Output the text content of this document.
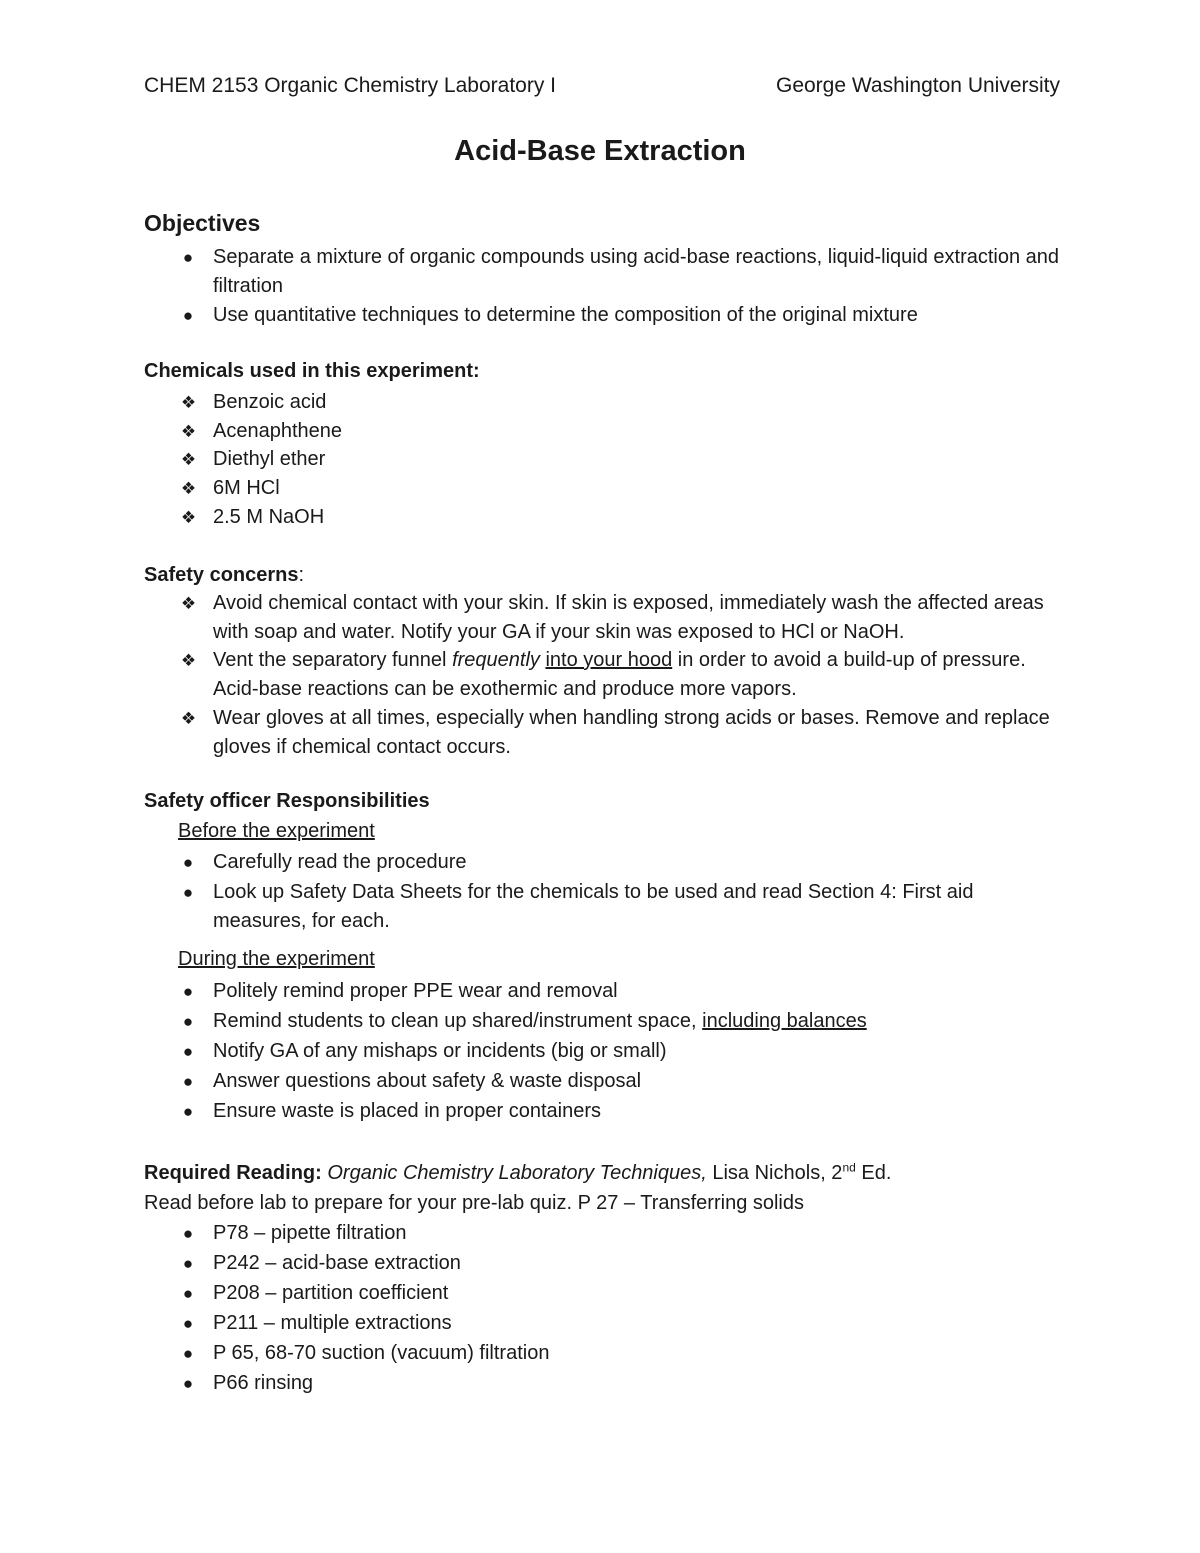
CHEM 2153 Organic Chemistry Laboratory I	George Washington University
Acid-Base Extraction
Objectives
● Separate a mixture of organic compounds using acid-base reactions, liquid-liquid extraction and filtration
● Use quantitative techniques to determine the composition of the original mixture
Chemicals used in this experiment:
❖ Benzoic acid
❖ Acenaphthene
❖ Diethyl ether
❖ 6M HCl
❖ 2.5 M NaOH
Safety concerns:
❖ Avoid chemical contact with your skin. If skin is exposed, immediately wash the affected areas with soap and water. Notify your GA if your skin was exposed to HCl or NaOH.
❖ Vent the separatory funnel frequently into your hood in order to avoid a build-up of pressure. Acid-base reactions can be exothermic and produce more vapors.
❖ Wear gloves at all times, especially when handling strong acids or bases. Remove and replace gloves if chemical contact occurs.
Safety officer Responsibilities
Before the experiment
● Carefully read the procedure
● Look up Safety Data Sheets for the chemicals to be used and read Section 4: First aid measures, for each.
During the experiment
● Politely remind proper PPE wear and removal
● Remind students to clean up shared/instrument space, including balances
● Notify GA of any mishaps or incidents (big or small)
● Answer questions about safety & waste disposal
● Ensure waste is placed in proper containers
Required Reading: Organic Chemistry Laboratory Techniques, Lisa Nichols, 2nd Ed.
Read before lab to prepare for your pre-lab quiz. P 27 – Transferring solids
● P78 – pipette filtration
● P242 – acid-base extraction
● P208 – partition coefficient
● P211 – multiple extractions
● P 65, 68-70 suction (vacuum) filtration
● P66 rinsing
